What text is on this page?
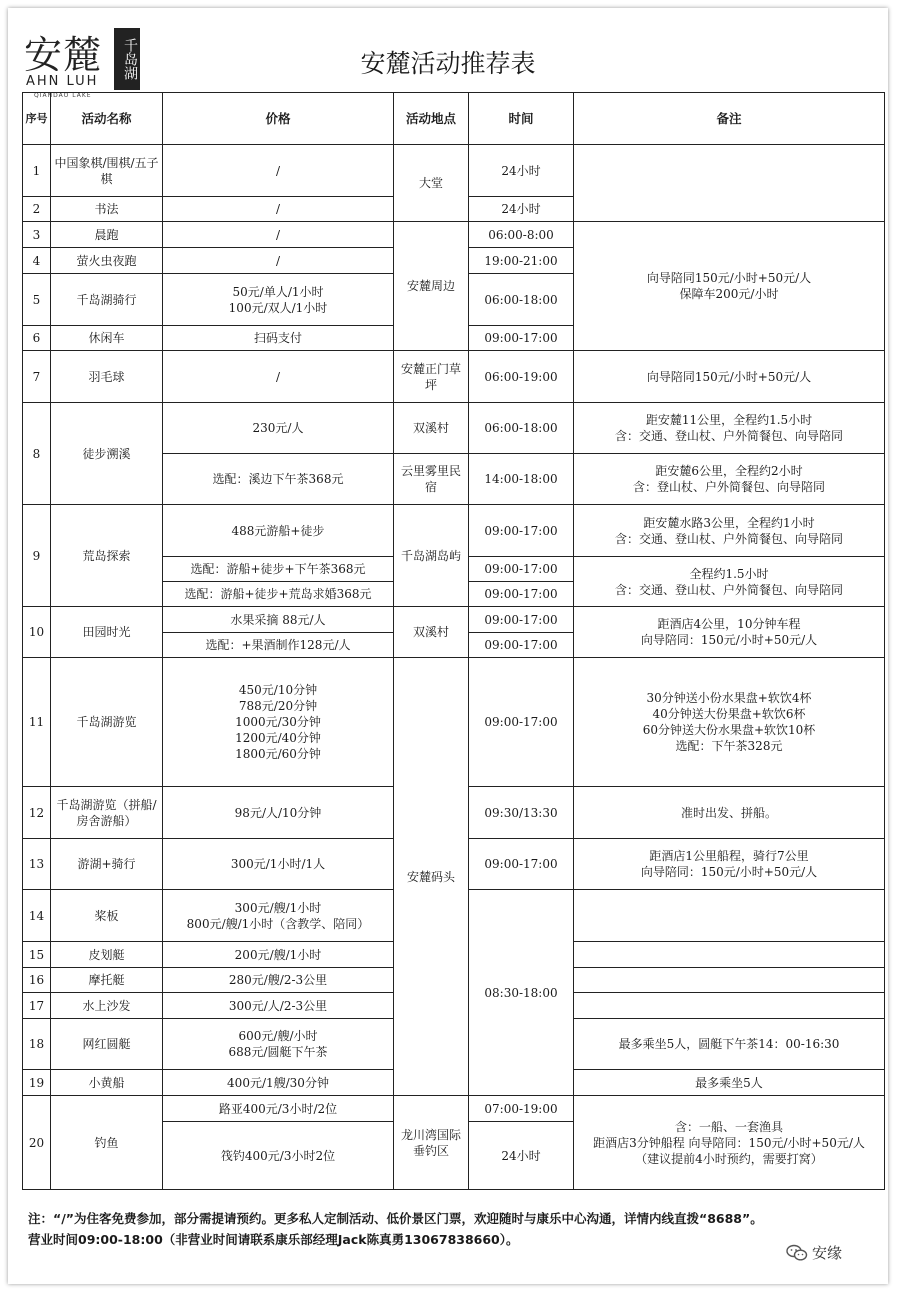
安麓	千岛湖
AHN LUH
QIANDAO LAKE
安麓活动推荐表
序号	活动名称	价格	活动地点	时间	备注
1	中国象棋/围棋/五子棋	/	大堂	24小时	
2	书法	/		24小时	
3	晨跑	/	安麓周边	06:00-8:00	向导陪同150元/小时+50元/人
保障车200元/小时
4	萤火虫夜跑	/		19:00-21:00	
5	千岛湖骑行	50元/单人/1小时
100元/双人/1小时		06:00-18:00	
6	休闲车	扫码支付		09:00-17:00	
7	羽毛球	/	安麓正门草坪	06:00-19:00	向导陪同150元/小时+50元/人
8	徒步溯溪	230元/人	双溪村	06:00-18:00	距安麓11公里，全程约1.5小时
含：交通、登山杖、户外简餐包、向导陪同
		选配：溪边下午茶368元	云里雾里民宿	14:00-18:00	距安麓6公里，全程约2小时
含：登山杖、户外简餐包、向导陪同
9	荒岛探索	488元游船+徒步	千岛湖岛屿	09:00-17:00	距安麓水路3公里，全程约1小时
含：交通、登山杖、户外简餐包、向导陪同
		选配：游船+徒步+下午茶368元		09:00-17:00	全程约1.5小时
含：交通、登山杖、户外简餐包、向导陪同
		选配：游船+徒步+荒岛求婚368元		09:00-17:00	
10	田园时光	水果采摘 88元/人	双溪村	09:00-17:00	距酒店4公里，10分钟车程
向导陪同：150元/小时+50元/人
		选配：+果酒制作128元/人		09:00-17:00	
11	千岛湖游览	450元/10分钟
788元/20分钟
1000元/30分钟
1200元/40分钟
1800元/60分钟	安麓码头	09:00-17:00	30分钟送小份水果盘+软饮4杯
40分钟送大份果盘+软饮6杯
60分钟送大份水果盘+软饮10杯
选配：下午茶328元
12	千岛湖游览（拼船/房舍游船）	98元/人/10分钟		09:30/13:30	准时出发、拼船。
13	游湖+骑行	300元/1小时/1人		09:00-17:00	距酒店1公里船程，骑行7公里
向导陪同：150元/小时+50元/人
14	桨板	300元/艘/1小时
800元/艘/1小时（含教学、陪同）		08:30-18:00	
15	皮划艇	200元/艘/1小时			
16	摩托艇	280元/艘/2-3公里			
17	水上沙发	300元/人/2-3公里			
18	网红圆艇	600元/艘/小时
688元/圆艇下午茶			最多乘坐5人，圆艇下午茶14：00-16:30
19	小黄船	400元/1艘/30分钟			最多乘坐5人
20	钓鱼	路亚400元/3小时/2位	龙川湾国际垂钓区	07:00-19:00	含：一船、一套渔具
距酒店3分钟船程 向导陪同：150元/小时+50元/人
（建议提前4小时预约，需要打窝）
		筏钓400元/3小时2位		24小时	
注：“/”为住客免费参加，部分需提请预约。更多私人定制活动、低价景区门票，欢迎随时与康乐中心沟通，详情内线直拨“8688”。
营业时间09:00-18:00（非营业时间请联系康乐部经理Jack陈真勇13067838660）。
安缘
